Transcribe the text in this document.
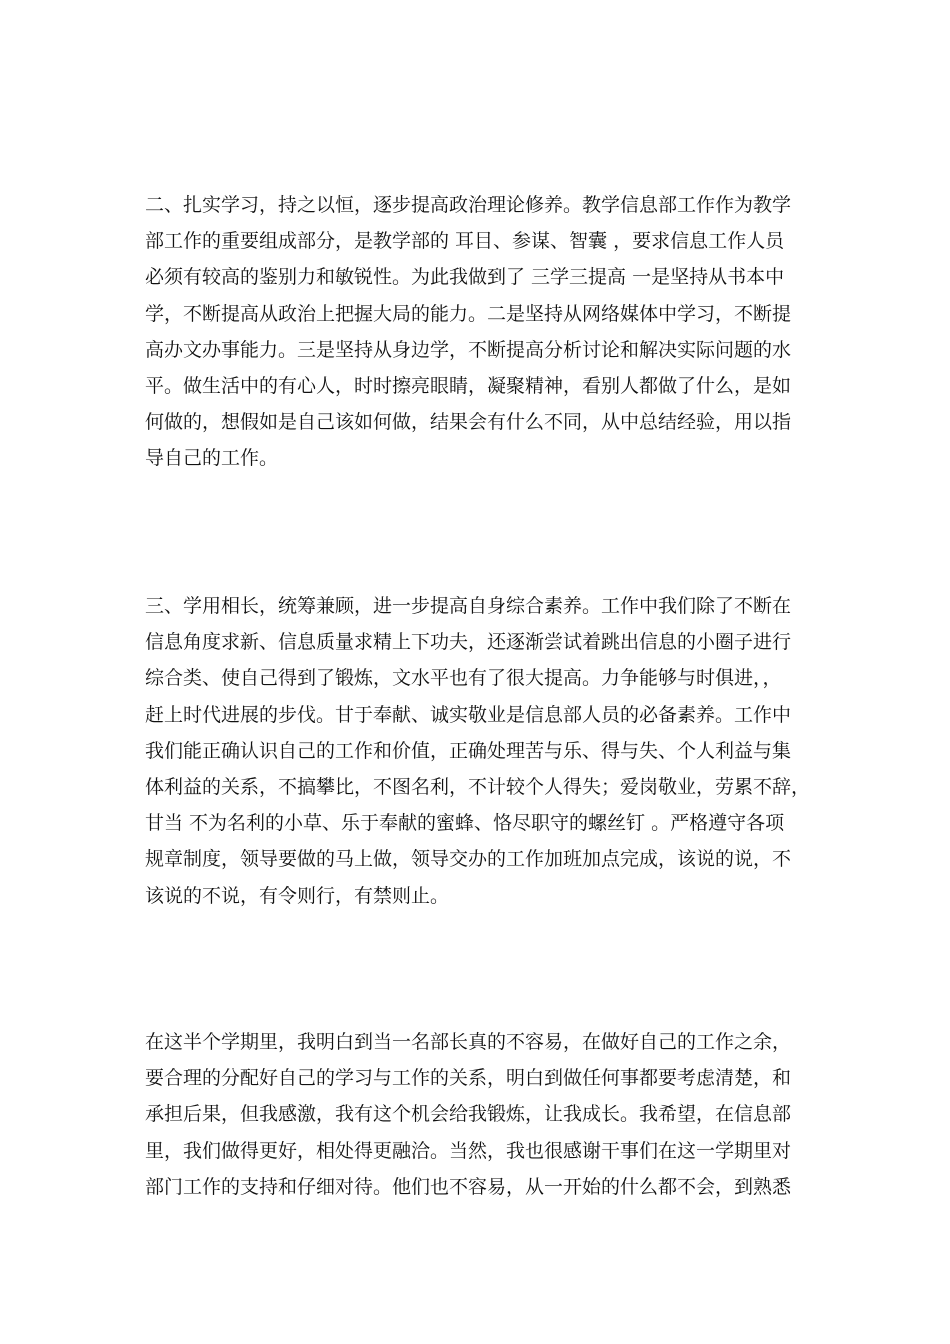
二、扎实学习，持之以恒，逐步提高政治理论修养。教学信息部工作作为教学
部工作的重要组成部分，是教学部的 耳目、参谋、智囊 ，要求信息工作人员
必须有较高的鉴别力和敏锐性。为此我做到了 三学三提高 一是坚持从书本中
学，不断提高从政治上把握大局的能力。二是坚持从网络媒体中学习，不断提
高办文办事能力。三是坚持从身边学，不断提高分析讨论和解决实际问题的水
平。做生活中的有心人，时时擦亮眼睛，凝聚精神，看别人都做了什么，是如
何做的，想假如是自己该如何做，结果会有什么不同，从中总结经验，用以指
导自己的工作。
三、学用相长，统筹兼顾，进一步提高自身综合素养。工作中我们除了不断在
信息角度求新、信息质量求精上下功夫，还逐渐尝试着跳出信息的小圈子进行
综合类、使自己得到了锻炼，文水平也有了很大提高。力争能够与时俱进，，
赶上时代进展的步伐。甘于奉献、诚实敬业是信息部人员的必备素养。工作中
我们能正确认识自己的工作和价值，正确处理苦与乐、得与失、个人利益与集
体利益的关系，不搞攀比，不图名利，不计较个人得失；爱岗敬业，劳累不辞，
甘当 不为名利的小草、乐于奉献的蜜蜂、恪尽职守的螺丝钉 。严格遵守各项
规章制度，领导要做的马上做，领导交办的工作加班加点完成，该说的说，不
该说的不说，有令则行，有禁则止。
在这半个学期里，我明白到当一名部长真的不容易，在做好自己的工作之余，
要合理的分配好自己的学习与工作的关系，明白到做任何事都要考虑清楚，和
承担后果，但我感激，我有这个机会给我锻炼，让我成长。我希望，在信息部
里，我们做得更好，相处得更融洽。当然，我也很感谢干事们在这一学期里对
部门工作的支持和仔细对待。他们也不容易，从一开始的什么都不会，到熟悉
